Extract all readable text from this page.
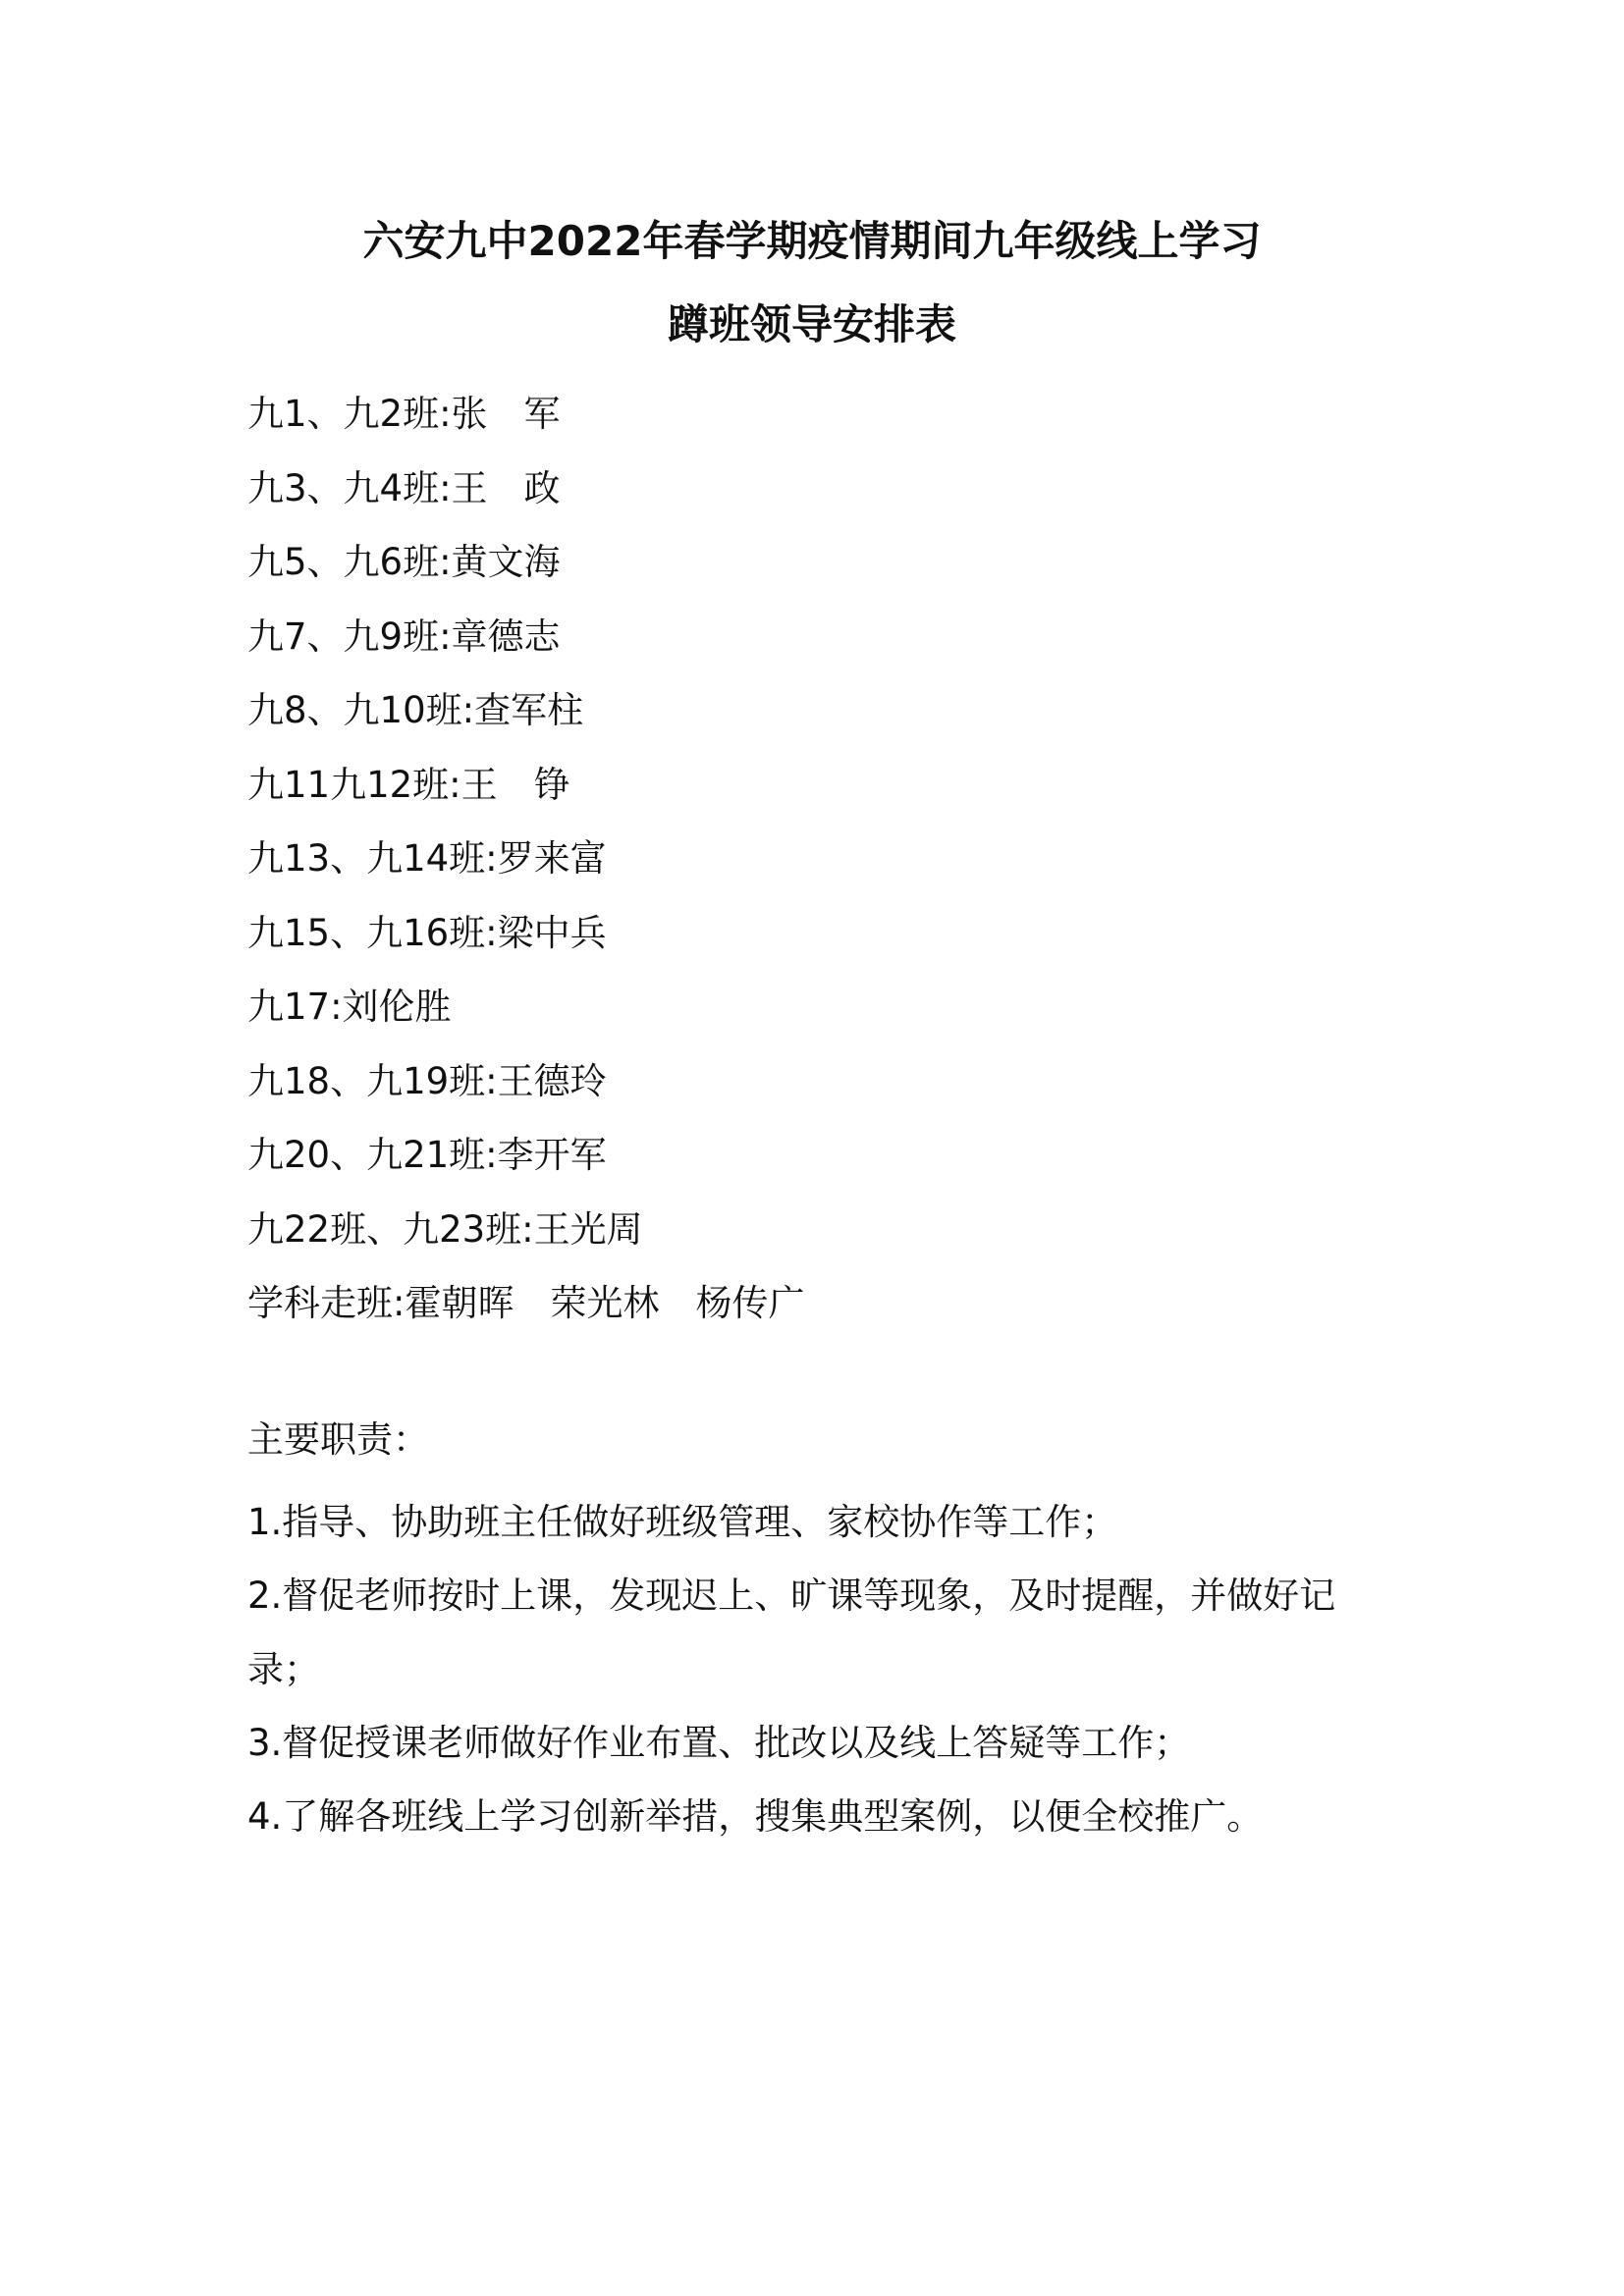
六安九中2022年春学期疫情期间九年级线上学习
蹲班领导安排表
九1、九2班:张　军
九3、九4班:王　政
九5、九6班:黄文海
九7、九9班:章德志
九8、九10班:查军柱
九11九12班:王　铮
九13、九14班:罗来富
九15、九16班:梁中兵
九17:刘伦胜
九18、九19班:王德玲
九20、九21班:李开军
九22班、九23班:王光周
学科走班:霍朝晖　荣光林　杨传广
主要职责：
1.指导、协助班主任做好班级管理、家校协作等工作；
2.督促老师按时上课，发现迟上、旷课等现象，及时提醒，并做好记录；
3.督促授课老师做好作业布置、批改以及线上答疑等工作；
4.了解各班线上学习创新举措，搜集典型案例，以便全校推广。
